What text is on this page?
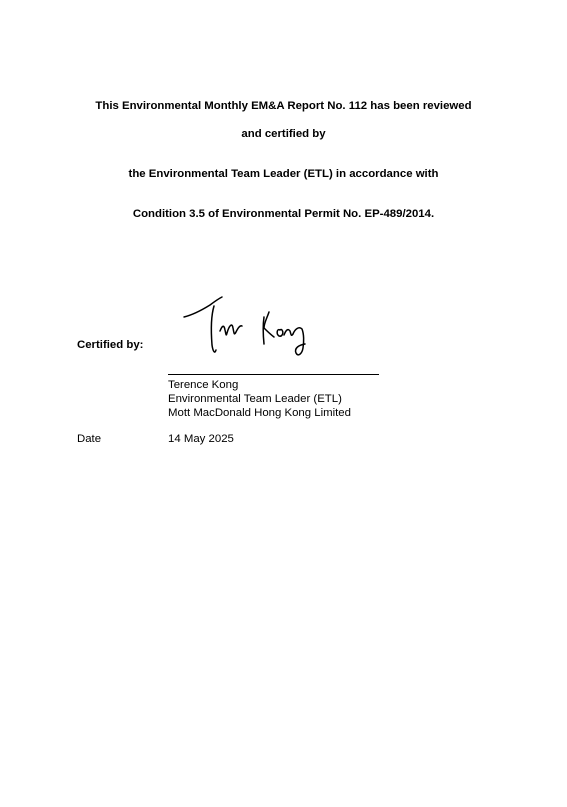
This Environmental Monthly EM&A Report No. 112 has been reviewed
and certified by
the Environmental Team Leader (ETL) in accordance with
Condition 3.5 of Environmental Permit No. EP-489/2014.
Certified by:
Terence Kong
Environmental Team Leader (ETL)
Mott MacDonald Hong Kong Limited
Date	14 May 2025
